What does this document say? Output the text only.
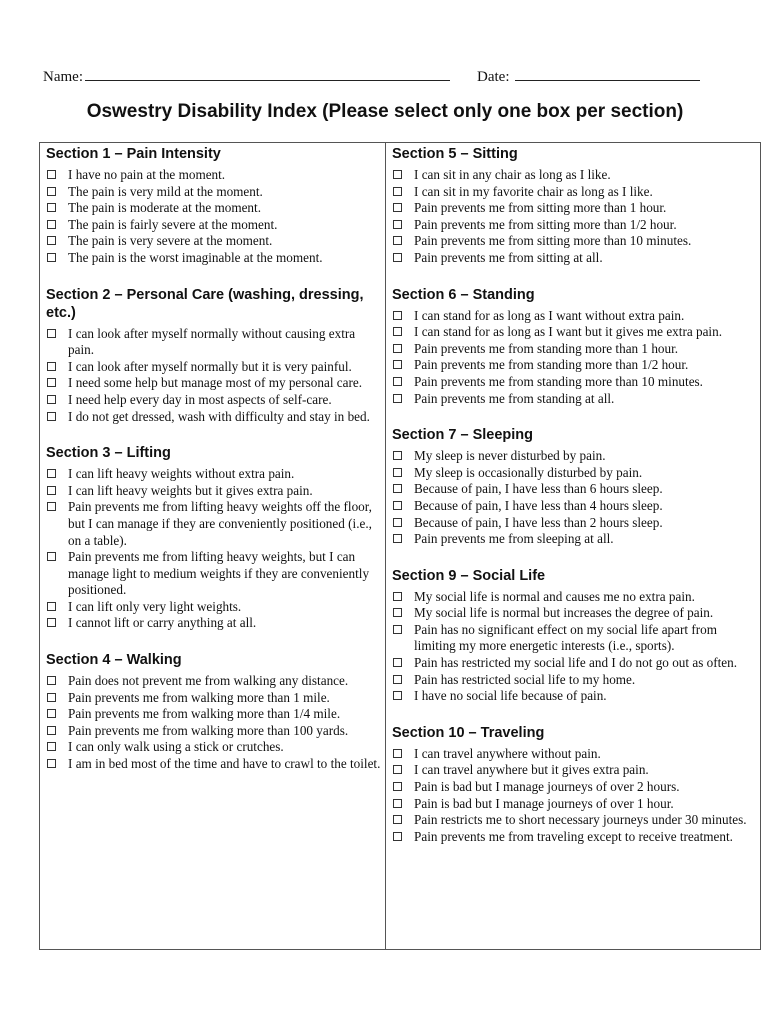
Name:	Date:
Oswestry Disability Index (Please select only one box per section)
Section 1 – Pain Intensity
I have no pain at the moment.
The pain is very mild at the moment.
The pain is moderate at the moment.
The pain is fairly severe at the moment.
The pain is very severe at the moment.
The pain is the worst imaginable at the moment.
Section 2 – Personal Care (washing, dressing, etc.)
I can look after myself normally without causing extra pain.
I can look after myself normally but it is very painful.
I need some help but manage most of my personal care.
I need help every day in most aspects of self-care.
I do not get dressed, wash with difficulty and stay in bed.
Section 3 – Lifting
I can lift heavy weights without extra pain.
I can lift heavy weights but it gives extra pain.
Pain prevents me from lifting heavy weights off the floor, but I can manage if they are conveniently positioned (i.e., on a table).
Pain prevents me from lifting heavy weights, but I can manage light to medium weights if they are conveniently positioned.
I can lift only very light weights.
I cannot lift or carry anything at all.
Section 4 – Walking
Pain does not prevent me from walking any distance.
Pain prevents me from walking more than 1 mile.
Pain prevents me from walking more than 1/4 mile.
Pain prevents me from walking more than 100 yards.
I can only walk using a stick or crutches.
I am in bed most of the time and have to crawl to the toilet.
Section 5 – Sitting
I can sit in any chair as long as I like.
I can sit in my favorite chair as long as I like.
Pain prevents me from sitting more than 1 hour.
Pain prevents me from sitting more than 1/2 hour.
Pain prevents me from sitting more than 10 minutes.
Pain prevents me from sitting at all.
Section 6 – Standing
I can stand for as long as I want without extra pain.
I can stand for as long as I want but it gives me extra pain.
Pain prevents me from standing more than 1 hour.
Pain prevents me from standing more than 1/2 hour.
Pain prevents me from standing more than 10 minutes.
Pain prevents me from standing at all.
Section 7 – Sleeping
My sleep is never disturbed by pain.
My sleep is occasionally disturbed by pain.
Because of pain, I have less than 6 hours sleep.
Because of pain, I have less than 4 hours sleep.
Because of pain, I have less than 2 hours sleep.
Pain prevents me from sleeping at all.
Section 9 – Social Life
My social life is normal and causes me no extra pain.
My social life is normal but increases the degree of pain.
Pain has no significant effect on my social life apart from limiting my more energetic interests (i.e., sports).
Pain has restricted my social life and I do not go out as often.
Pain has restricted social life to my home.
I have no social life because of pain.
Section 10 – Traveling
I can travel anywhere without pain.
I can travel anywhere but it gives extra pain.
Pain is bad but I manage journeys of over 2 hours.
Pain is bad but I manage journeys of over 1 hour.
Pain restricts me to short necessary journeys under 30 minutes.
Pain prevents me from traveling except to receive treatment.
